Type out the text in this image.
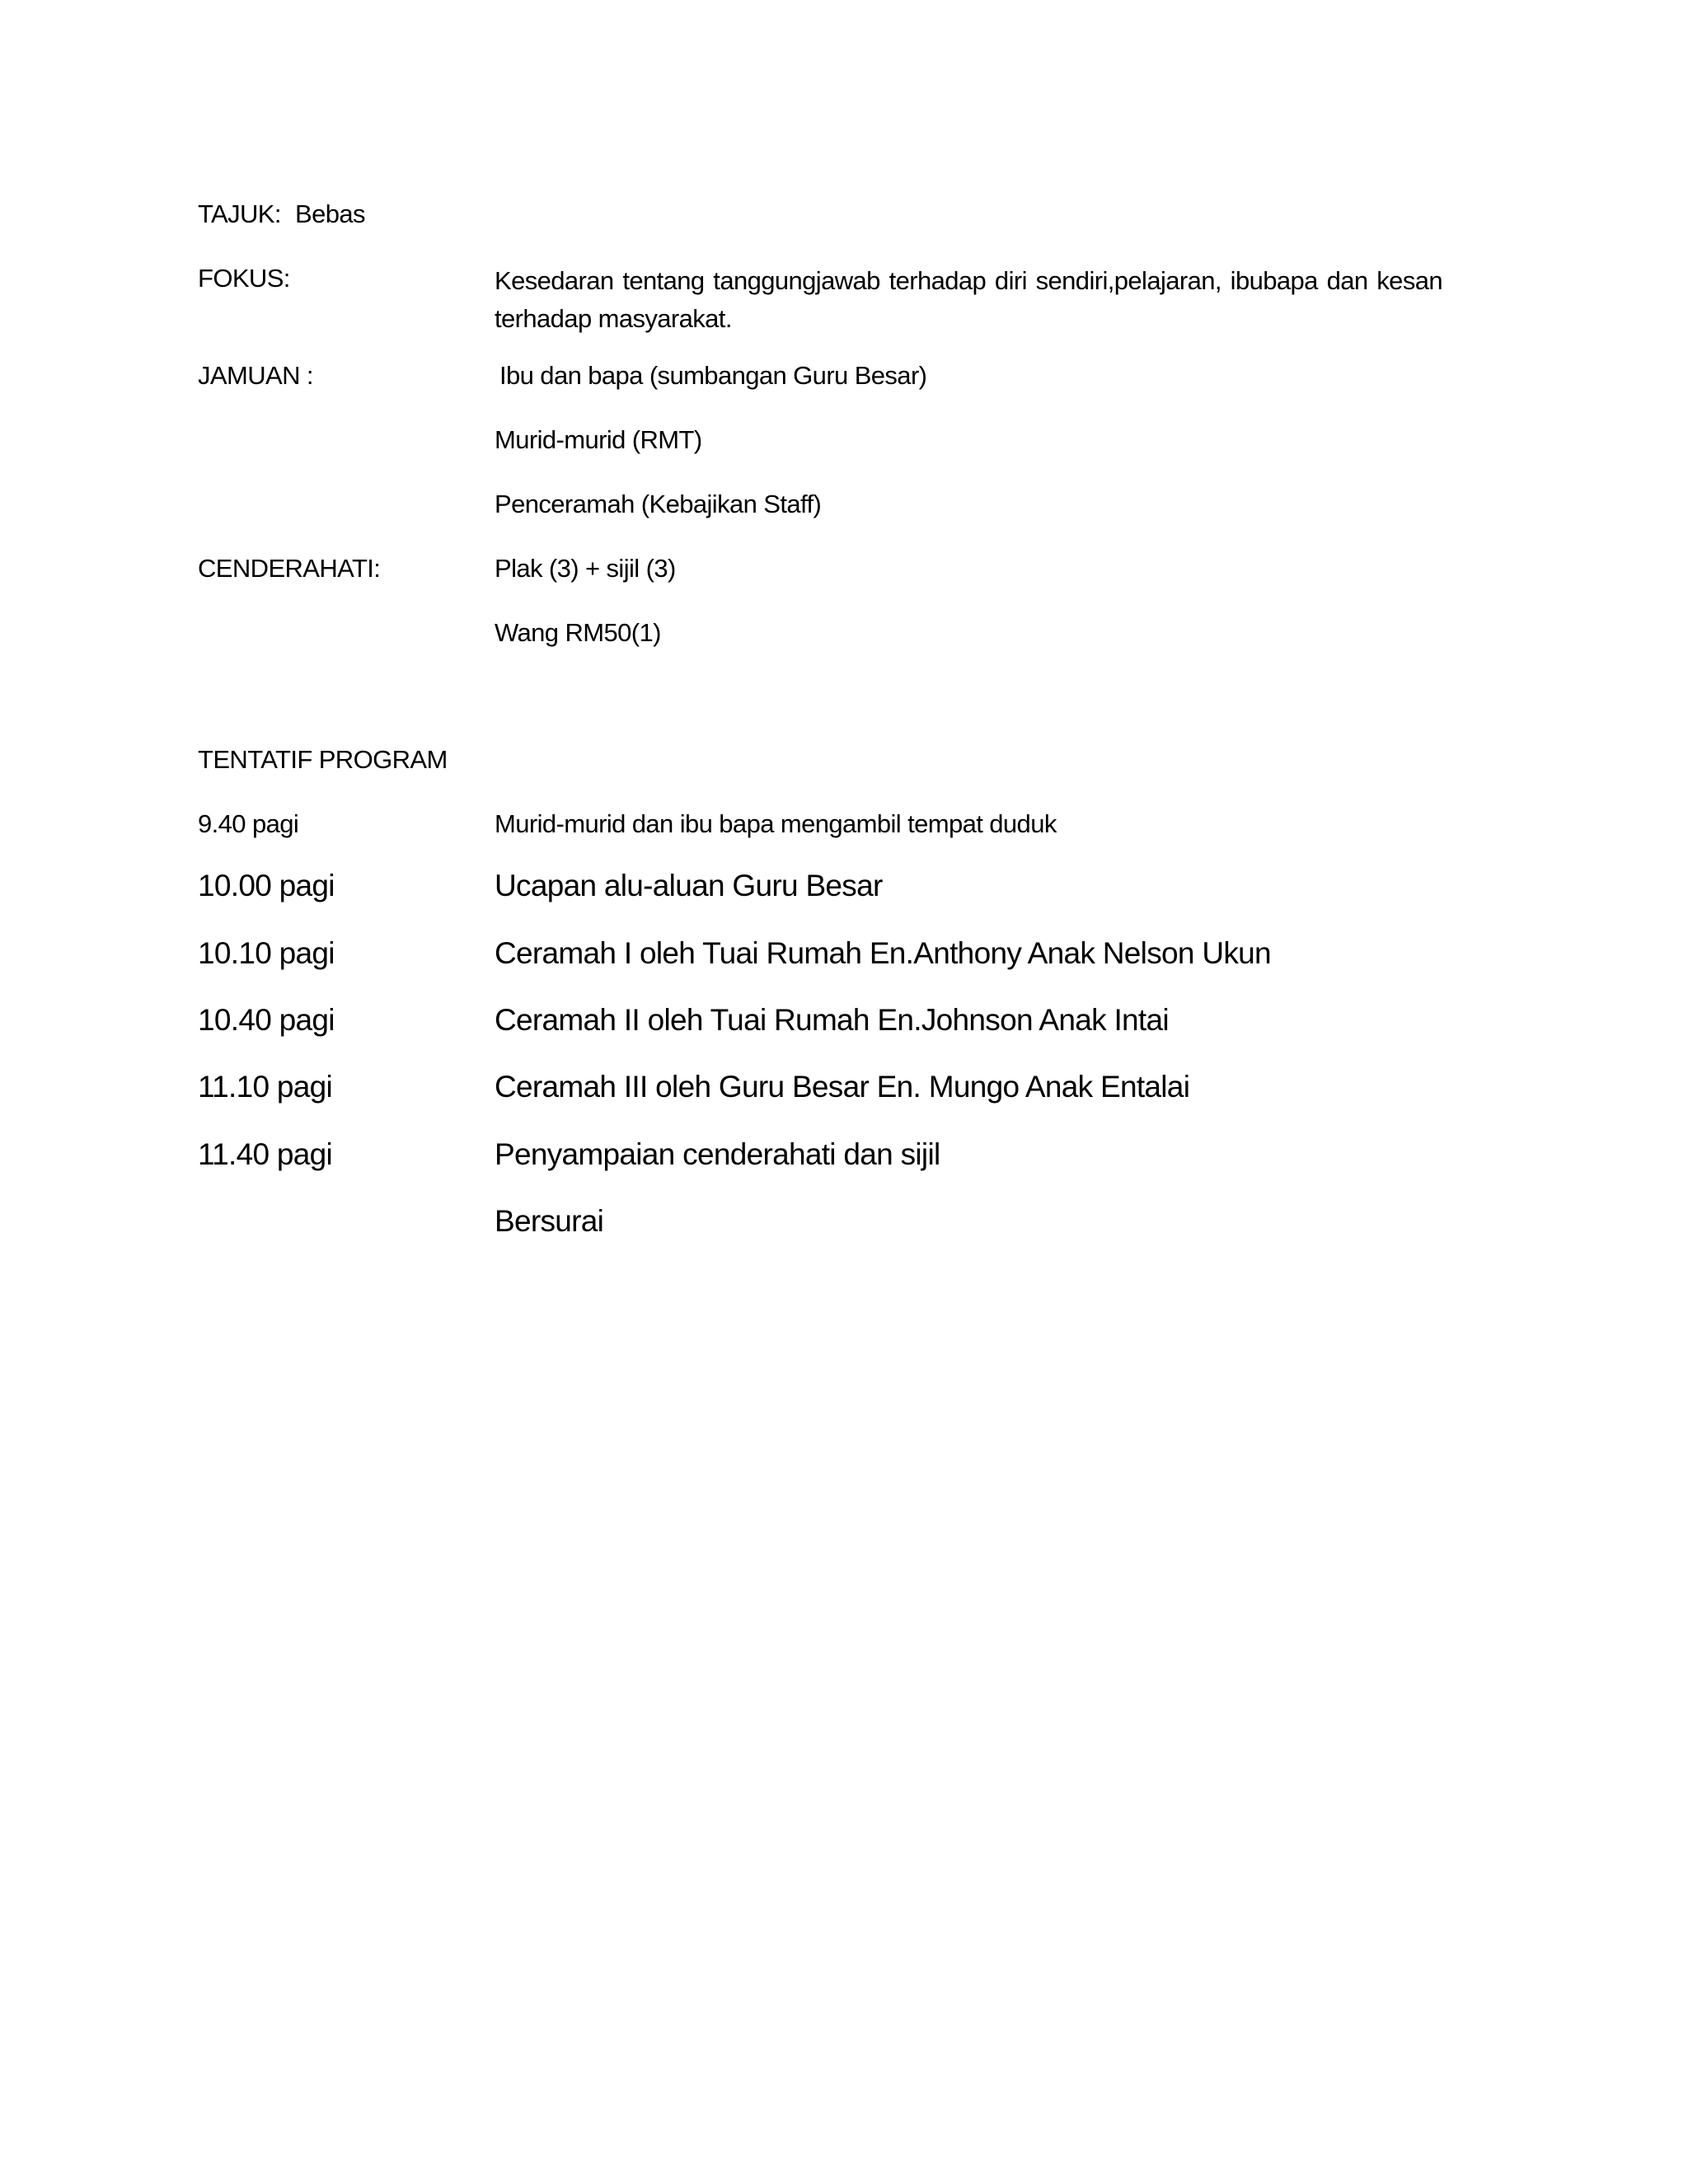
TAJUK: Bebas
FOKUS:	Kesedaran tentang tanggungjawab terhadap diri sendiri,pelajaran, ibubapa dan kesan terhadap masyarakat.
JAMUAN :	Ibu dan bapa (sumbangan Guru Besar)
Murid-murid (RMT)
Penceramah (Kebajikan Staff)
CENDERAHATI:	Plak (3) + sijil (3)
Wang RM50(1)
TENTATIF PROGRAM
9.40 pagi	Murid-murid dan ibu bapa mengambil tempat duduk
10.00 pagi	Ucapan alu-aluan Guru Besar
10.10 pagi	Ceramah I oleh Tuai Rumah En.Anthony Anak Nelson Ukun
10.40 pagi	Ceramah II oleh Tuai Rumah En.Johnson Anak Intai
11.10 pagi	Ceramah III oleh Guru Besar En. Mungo Anak Entalai
11.40 pagi	Penyampaian cenderahati dan sijil
Bersurai
